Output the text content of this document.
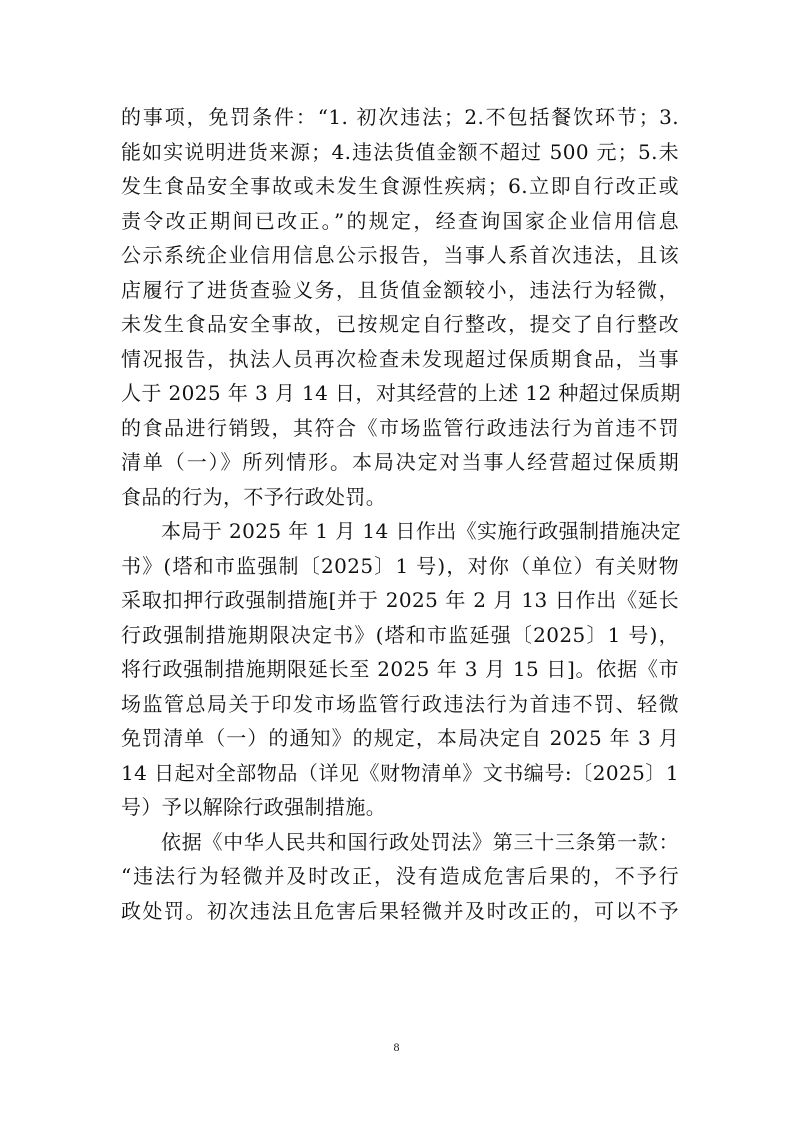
的事项，免罚条件：“1. 初次违法；2.不包括餐饮环节；3.
能如实说明进货来源；4.违法货值金额不超过 500 元；5.未
发生食品安全事故或未发生食源性疾病；6.立即自行改正或
责令改正期间已改正。”的规定，经查询国家企业信用信息
公示系统企业信用信息公示报告，当事人系首次违法，且该
店履行了进货查验义务，且货值金额较小，违法行为轻微，
未发生食品安全事故，已按规定自行整改，提交了自行整改
情况报告，执法人员再次检查未发现超过保质期食品，当事
人于 2025 年 3 月 14 日，对其经营的上述 12 种超过保质期
的食品进行销毁，其符合《市场监管行政违法行为首违不罚
清单（一）》所列情形。本局决定对当事人经营超过保质期
食品的行为，不予行政处罚。
本局于 2025 年 1 月 14 日作出《实施行政强制措施决定
书》(塔和市监强制〔2025〕1 号)，对你（单位）有关财物
采取扣押行政强制措施[并于 2025 年 2 月 13 日作出《延长
行政强制措施期限决定书》(塔和市监延强〔2025〕1 号)，
将行政强制措施期限延长至 2025 年 3 月 15 日]。依据《市
场监管总局关于印发市场监管行政违法行为首违不罚、轻微
免罚清单（一）的通知》的规定，本局决定自 2025 年 3 月
14 日起对全部物品（详见《财物清单》文书编号:〔2025〕1
号）予以解除行政强制措施。
依据《中华人民共和国行政处罚法》第三十三条第一款：
“违法行为轻微并及时改正，没有造成危害后果的，不予行
政处罚。初次违法且危害后果轻微并及时改正的，可以不予
8
